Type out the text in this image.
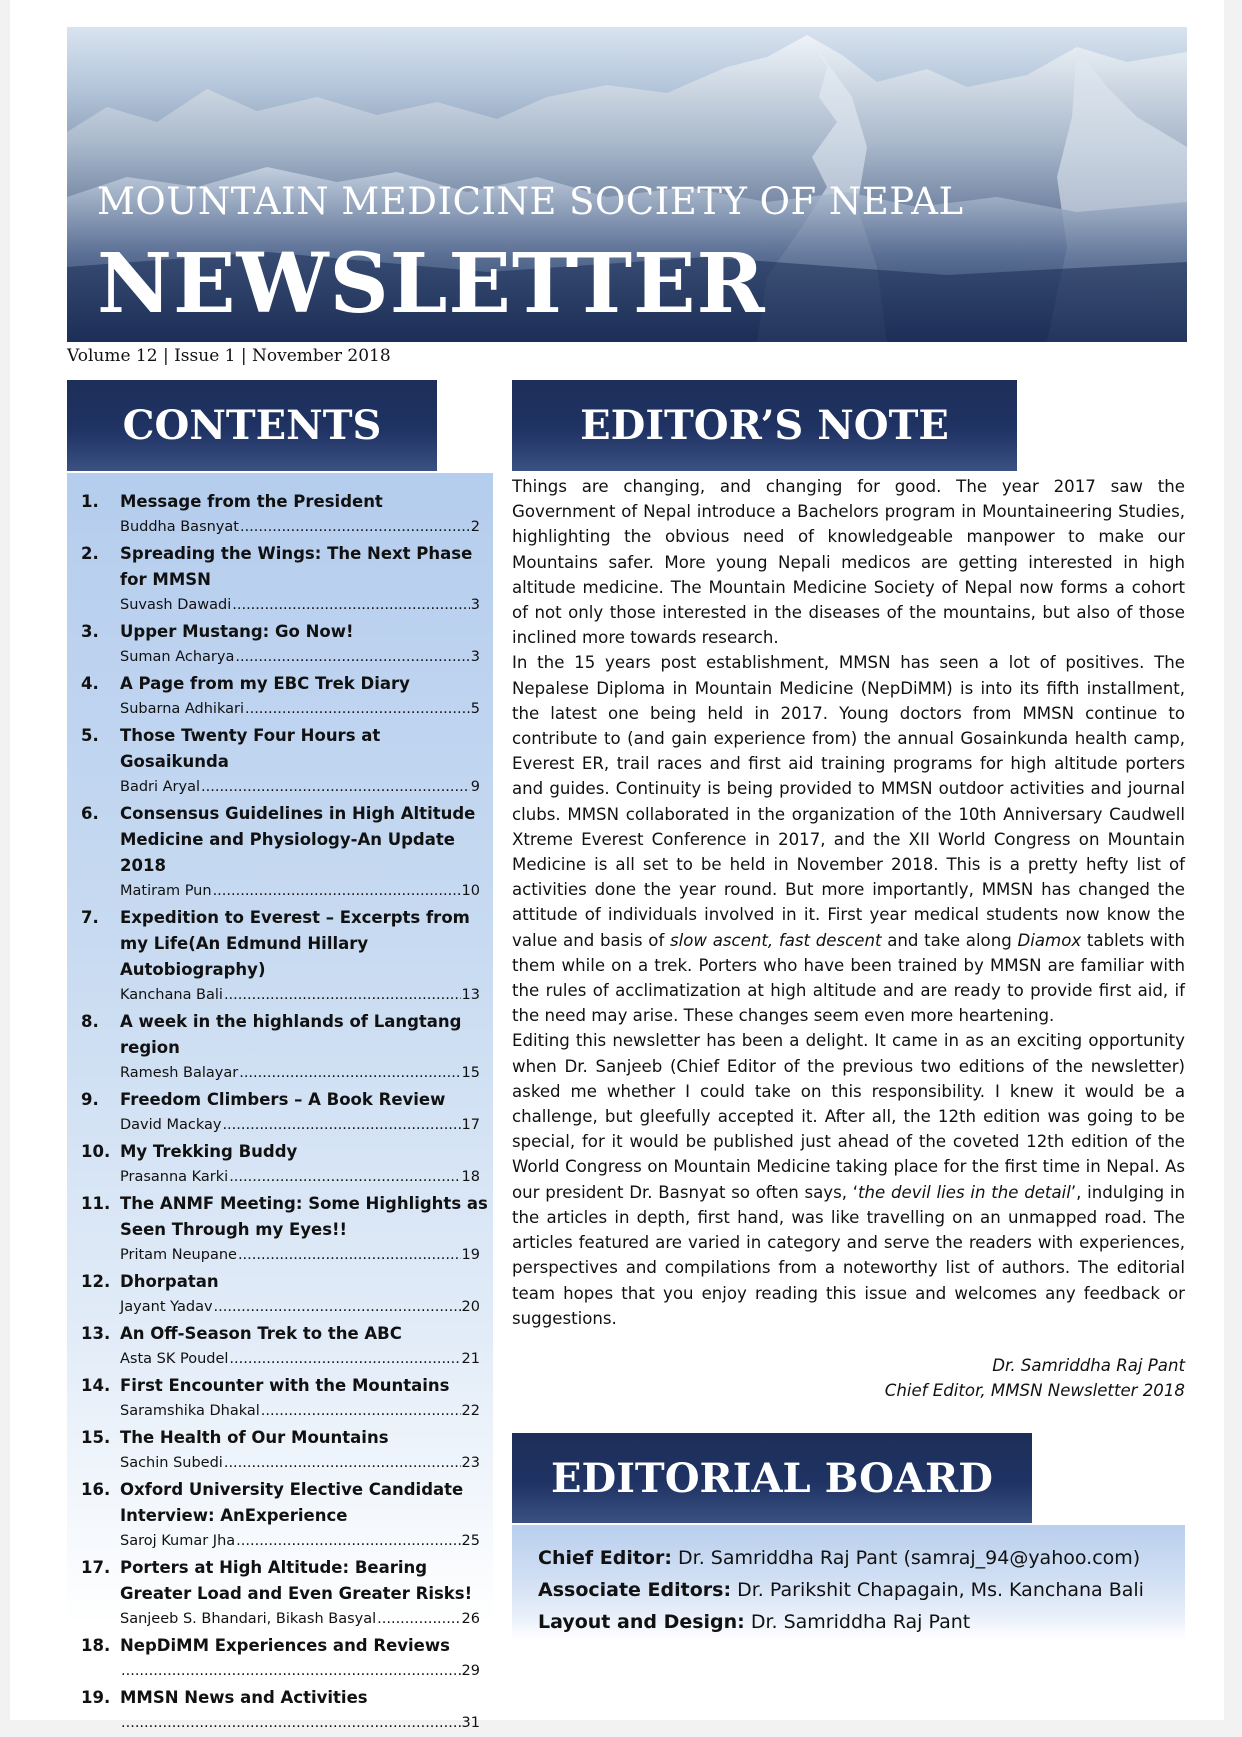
MOUNTAIN MEDICINE SOCIETY OF NEPAL
NEWSLETTER
Volume 12 | Issue 1 | November 2018
CONTENTS
1.	Message from the President
Buddha Basnyat .....	2
2.	Spreading the Wings: The Next Phase for MMSN
Suvash Dawadi .....	3
3.	Upper Mustang: Go Now!
Suman Acharya .....	3
4.	A Page from my EBC Trek Diary
Subarna Adhikari .....	5
5.	Those Twenty Four Hours at Gosaikunda
Badri Aryal .....	9
6.	Consensus Guidelines in High Altitude Medicine and Physiology-An Update 2018
Matiram Pun .....	10
7.	Expedition to Everest – Excerpts from my Life(An Edmund Hillary Autobiography)
Kanchana Bali .....	13
8.	A week in the highlands of Langtang region
Ramesh Balayar .....	15
9.	Freedom Climbers – A Book Review
David Mackay .....	17
10. My Trekking Buddy
Prasanna Karki .....	18
11. The ANMF Meeting: Some Highlights as Seen Through my Eyes!!
Pritam Neupane .....	19
12. Dhorpatan
Jayant Yadav .....	20
13. An Off-Season Trek to the ABC
Asta SK Poudel .....	21
14. First Encounter with the Mountains
Saramshika Dhakal .....	22
15. The Health of Our Mountains
Sachin Subedi .....	23
16. Oxford University Elective Candidate Interview: AnExperience
Saroj Kumar Jha .....	25
17. Porters at High Altitude: Bearing Greater Load and Even Greater Risks!
Sanjeeb S. Bhandari, Bikash Basyal .....	26
18. NepDiMM Experiences and Reviews
.....
29
19. MMSN News and Activities
.....
31
EDITOR’S NOTE

Things are changing, and changing for good. The year 2017 saw the Government of Nepal introduce a Bachelors program in Mountaineering Studies, highlighting the obvious need of knowledgeable manpower to make our Mountains safer. More young Nepali medicos are getting interested in high altitude medicine. The Mountain Medicine Society of Nepal now forms a cohort of not only those interested in the diseases of the mountains, but also of those inclined more towards research.

In the 15 years post establishment, MMSN has seen a lot of positives. The Nepalese Diploma in Mountain Medicine (NepDiMM) is into its fifth installment, the latest one being held in 2017. Young doctors from MMSN continue to contribute to (and gain experience from) the annual Gosainkunda health camp, Everest ER, trail races and first aid training programs for high altitude porters and guides. Continuity is being provided to MMSN outdoor activities and journal clubs. MMSN collaborated in the organization of the 10th Anniversary Caudwell Xtreme Everest Conference in 2017, and the XII World Congress on Mountain Medicine is all set to be held in November 2018. This is a pretty hefty list of activities done the year round. But more importantly, MMSN has changed the attitude of individuals involved in it. First year medical students now know the value and basis of slow ascent, fast descent and take along Diamox tablets with them while on a trek. Porters who have been trained by MMSN are familiar with the rules of acclimatization at high altitude and are ready to provide first aid, if the need may arise. These changes seem even more heartening.

Editing this newsletter has been a delight. It came in as an exciting opportunity when Dr. Sanjeeb (Chief Editor of the previous two editions of the newsletter) asked me whether I could take on this responsibility. I knew it would be a challenge, but gleefully accepted it. After all, the 12th edition was going to be special, for it would be published just ahead of the coveted 12th edition of the World Congress on Mountain Medicine taking place for the first time in Nepal. As our president Dr. Basnyat so often says, ‘the devil lies in the detail’, indulging in the articles in depth, first hand, was like travelling on an unmapped road. The articles featured are varied in category and serve the readers with experiences, perspectives and compilations from a noteworthy list of authors. The editorial team hopes that you enjoy reading this issue and welcomes any feedback or suggestions.

Dr. Samriddha Raj Pant
Chief Editor, MMSN Newsletter 2018
EDITORIAL BOARD
Chief Editor: Dr. Samriddha Raj Pant (samraj_94@yahoo.com)
Associate Editors: Dr. Parikshit Chapagain, Ms. Kanchana Bali
Layout and Design: Dr. Samriddha Raj Pant
